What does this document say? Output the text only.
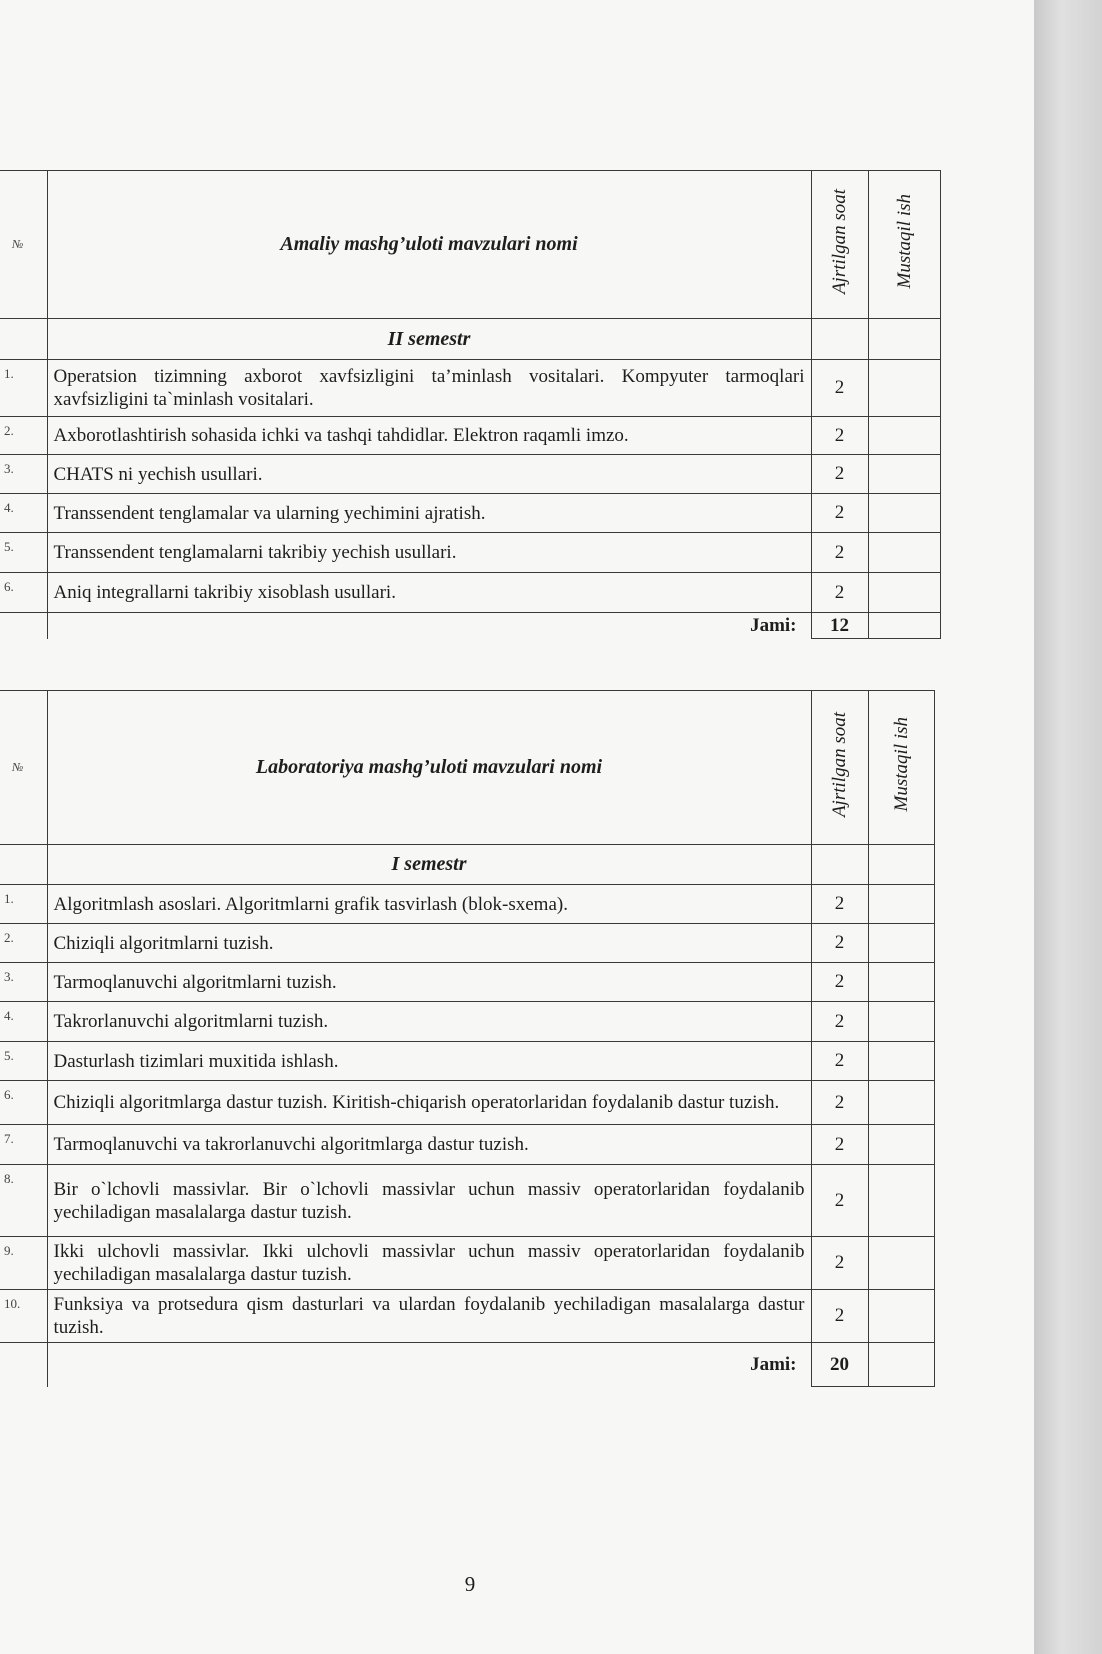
№	Amaliy mashg’uloti mavzulari nomi	Ajrtilgan soat	Mustaqil ish
	II semestr		
1.	Operatsion tizimning axborot xavfsizligini ta’minlash vositalari. Kompyuter tarmoqlari xavfsizligini ta`minlash vositalari.	2	
2.	Axborotlashtirish sohasida ichki va tashqi tahdidlar. Elektron raqamli imzo.	2	
3.	CHATS ni yechish usullari.	2	
4.	Transsendent tenglamalar va ularning yechimini ajratish.	2	
5.	Transsendent tenglamalarni takribiy yechish usullari.	2	
6.	Aniq integrallarni takribiy xisoblash usullari.	2	
	Jami:	12	
№	Laboratoriya mashg’uloti mavzulari nomi	Ajrtilgan soat	Mustaqil ish
	I semestr		
1.	Algoritmlash asoslari. Algoritmlarni grafik tasvirlash (blok-sxema).	2	
2.	Chiziqli algoritmlarni tuzish.	2	
3.	Tarmoqlanuvchi algoritmlarni tuzish.	2	
4.	Takrorlanuvchi algoritmlarni tuzish.	2	
5.	Dasturlash tizimlari muxitida ishlash.	2	
6.	Chiziqli algoritmlarga dastur tuzish. Kiritish-chiqarish operatorlaridan foydalanib dastur tuzish.	2	
7.	Tarmoqlanuvchi va takrorlanuvchi algoritmlarga dastur tuzish.	2	
8.	Bir o`lchovli massivlar. Bir o`lchovli massivlar uchun massiv operatorlaridan foydalanib yechiladigan masalalarga dastur tuzish.	2	
9.	Ikki ulchovli massivlar. Ikki ulchovli massivlar uchun massiv operatorlaridan foydalanib yechiladigan masalalarga dastur tuzish.	2	
10.	Funksiya va protsedura qism dasturlari va ulardan foydalanib yechiladigan masalalarga dastur tuzish.	2	
	Jami:	20	
9
